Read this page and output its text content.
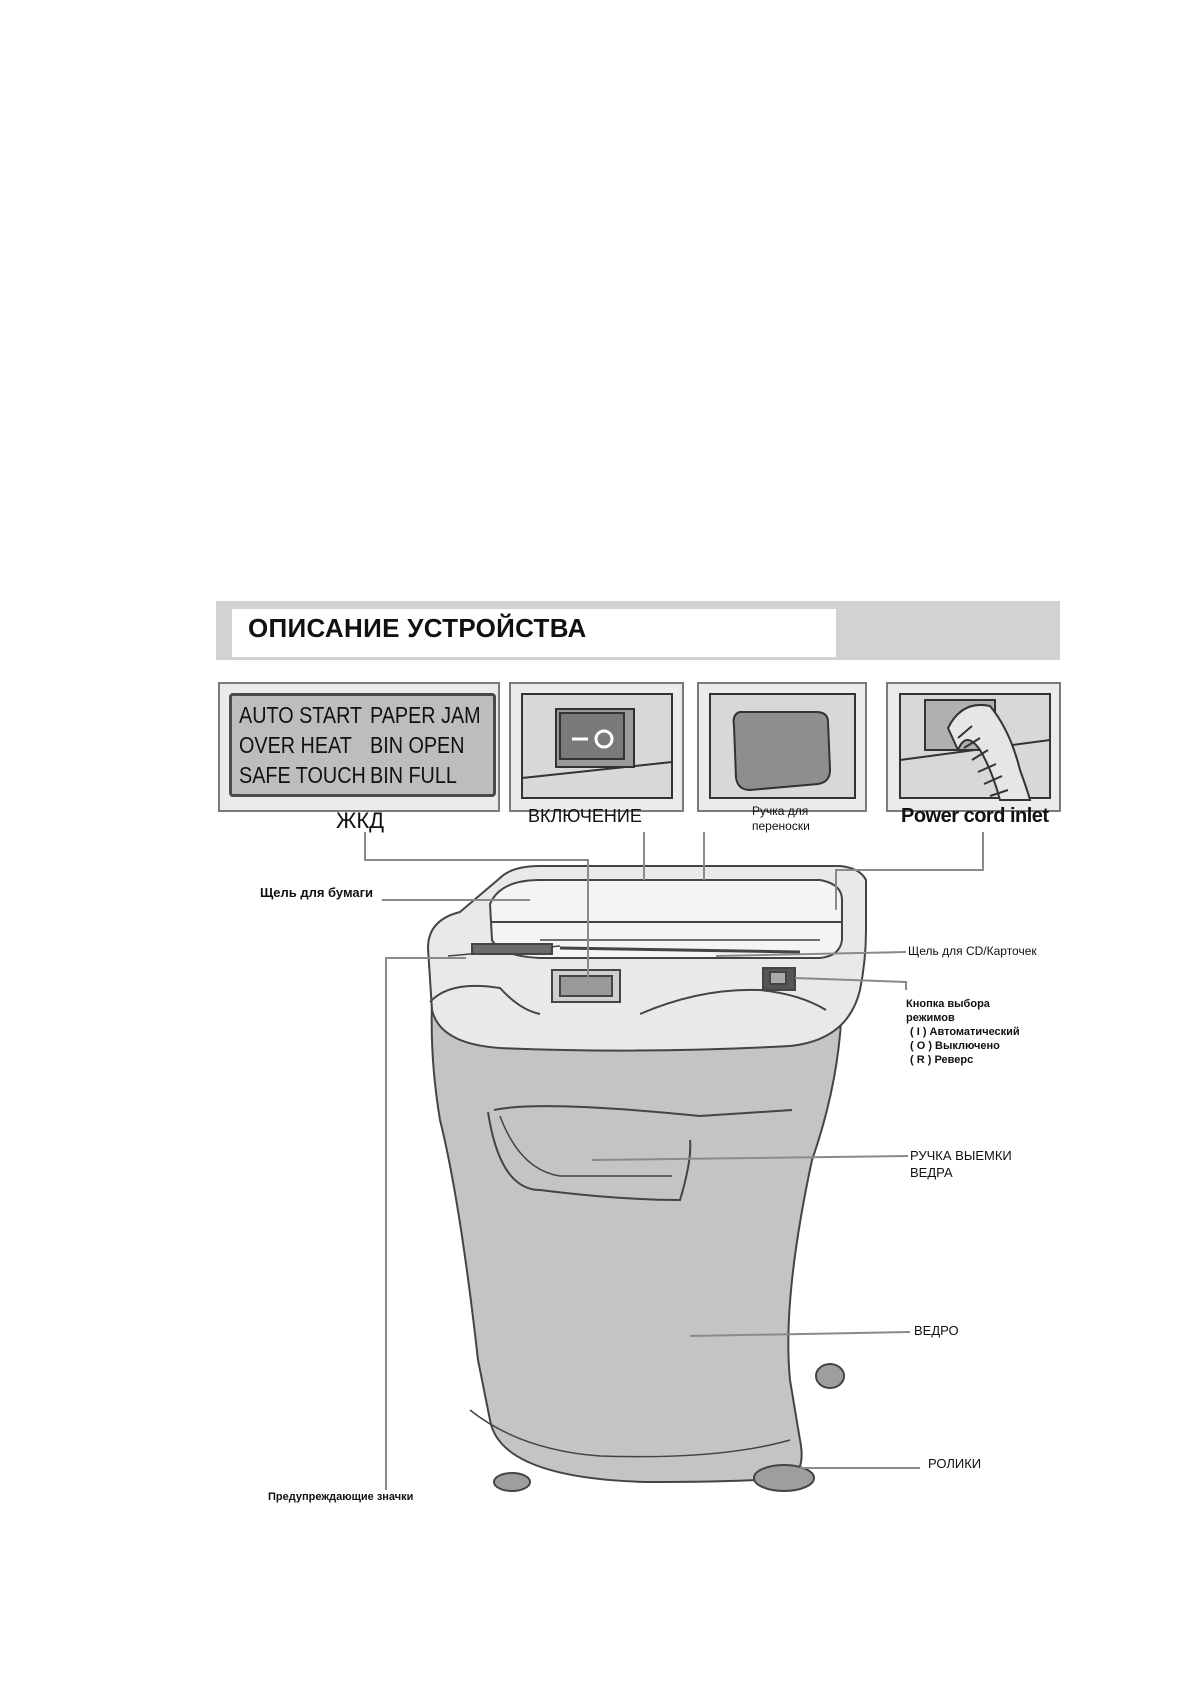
ОПИСАНИЕ УСТРОЙСТВА
AUTO START
OVER HEAT
SAFE TOUCH
PAPER JAM
BIN OPEN
BIN FULL
ЖКД	ВКЛЮЧЕНИЕ	Ручка для
переноски	Power cord inlet
Щель для бумаги
Щель для CD/Карточек
Кнопка выбора
режимов
( I ) Автоматический
( O ) Выключено
( R ) Реверс
РУЧКА ВЫЕМКИ
ВЕДРА
ВЕДРО
РОЛИКИ
Предупреждающие значки
